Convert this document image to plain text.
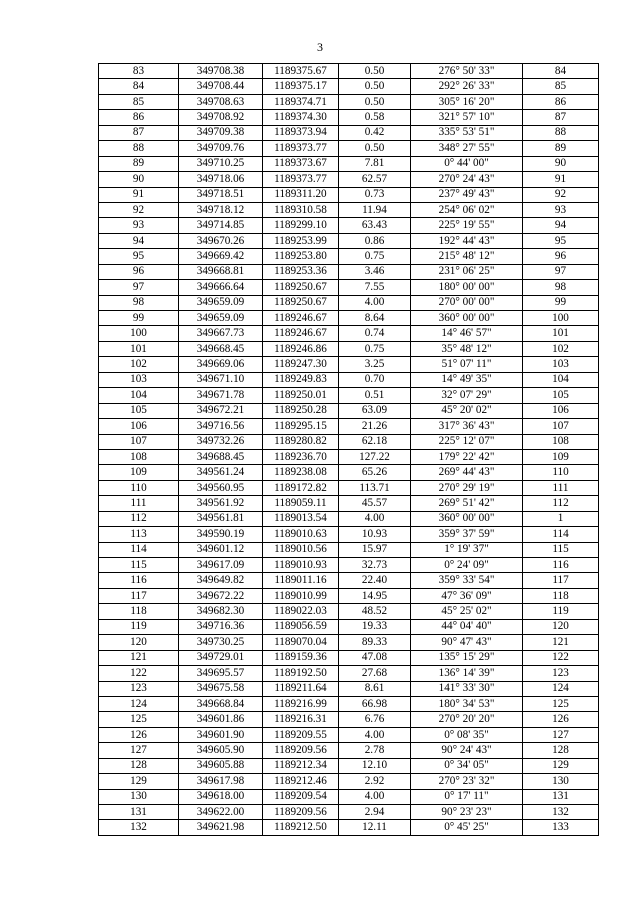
3
83	349708.38	1189375.67	0.50	276° 50' 33"	84
84	349708.44	1189375.17	0.50	292° 26' 33"	85
85	349708.63	1189374.71	0.50	305° 16' 20"	86
86	349708.92	1189374.30	0.58	321° 57' 10"	87
87	349709.38	1189373.94	0.42	335° 53' 51"	88
88	349709.76	1189373.77	0.50	348° 27' 55"	89
89	349710.25	1189373.67	7.81	0° 44' 00"	90
90	349718.06	1189373.77	62.57	270° 24' 43"	91
91	349718.51	1189311.20	0.73	237° 49' 43"	92
92	349718.12	1189310.58	11.94	254° 06' 02"	93
93	349714.85	1189299.10	63.43	225° 19' 55"	94
94	349670.26	1189253.99	0.86	192° 44' 43"	95
95	349669.42	1189253.80	0.75	215° 48' 12"	96
96	349668.81	1189253.36	3.46	231° 06' 25"	97
97	349666.64	1189250.67	7.55	180° 00' 00"	98
98	349659.09	1189250.67	4.00	270° 00' 00"	99
99	349659.09	1189246.67	8.64	360° 00' 00"	100
100	349667.73	1189246.67	0.74	14° 46' 57"	101
101	349668.45	1189246.86	0.75	35° 48' 12"	102
102	349669.06	1189247.30	3.25	51° 07' 11"	103
103	349671.10	1189249.83	0.70	14° 49' 35"	104
104	349671.78	1189250.01	0.51	32° 07' 29"	105
105	349672.21	1189250.28	63.09	45° 20' 02"	106
106	349716.56	1189295.15	21.26	317° 36' 43"	107
107	349732.26	1189280.82	62.18	225° 12' 07"	108
108	349688.45	1189236.70	127.22	179° 22' 42"	109
109	349561.24	1189238.08	65.26	269° 44' 43"	110
110	349560.95	1189172.82	113.71	270° 29' 19"	111
111	349561.92	1189059.11	45.57	269° 51' 42"	112
112	349561.81	1189013.54	4.00	360° 00' 00"	1
113	349590.19	1189010.63	10.93	359° 37' 59"	114
114	349601.12	1189010.56	15.97	1° 19' 37"	115
115	349617.09	1189010.93	32.73	0° 24' 09"	116
116	349649.82	1189011.16	22.40	359° 33' 54"	117
117	349672.22	1189010.99	14.95	47° 36' 09"	118
118	349682.30	1189022.03	48.52	45° 25' 02"	119
119	349716.36	1189056.59	19.33	44° 04' 40"	120
120	349730.25	1189070.04	89.33	90° 47' 43"	121
121	349729.01	1189159.36	47.08	135° 15' 29"	122
122	349695.57	1189192.50	27.68	136° 14' 39"	123
123	349675.58	1189211.64	8.61	141° 33' 30"	124
124	349668.84	1189216.99	66.98	180° 34' 53"	125
125	349601.86	1189216.31	6.76	270° 20' 20"	126
126	349601.90	1189209.55	4.00	0° 08' 35"	127
127	349605.90	1189209.56	2.78	90° 24' 43"	128
128	349605.88	1189212.34	12.10	0° 34' 05"	129
129	349617.98	1189212.46	2.92	270° 23' 32"	130
130	349618.00	1189209.54	4.00	0° 17' 11"	131
131	349622.00	1189209.56	2.94	90° 23' 23"	132
132	349621.98	1189212.50	12.11	0° 45' 25"	133
